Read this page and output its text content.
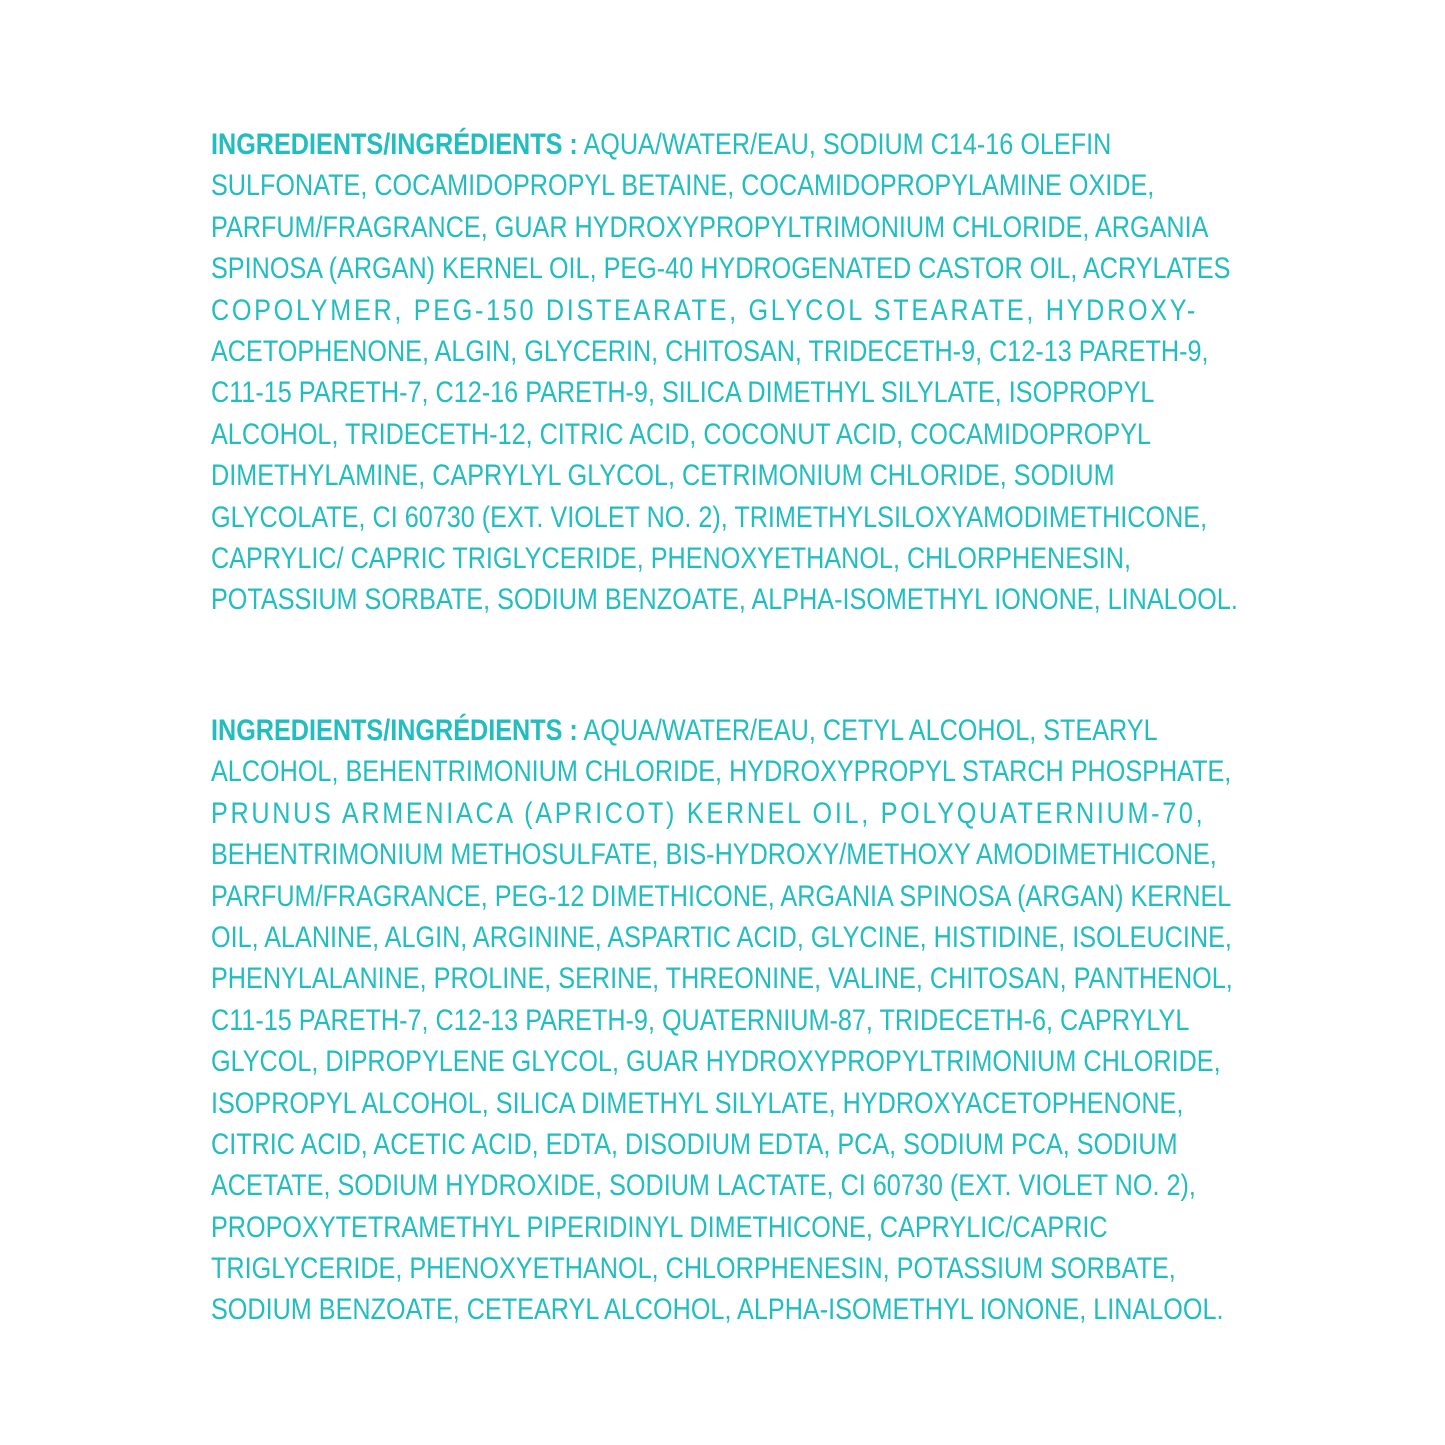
INGREDIENTS/INGRÉDIENTS : AQUA/WATER/EAU, SODIUM C14-16 OLEFIN
SULFONATE, COCAMIDOPROPYL BETAINE, COCAMIDOPROPYLAMINE OXIDE,
PARFUM/FRAGRANCE, GUAR HYDROXYPROPYLTRIMONIUM CHLORIDE, ARGANIA
SPINOSA (ARGAN) KERNEL OIL, PEG-40 HYDROGENATED CASTOR OIL, ACRYLATES
COPOLYMER, PEG-150 DISTEARATE, GLYCOL STEARATE, HYDROXY-
ACETOPHENONE, ALGIN, GLYCERIN, CHITOSAN, TRIDECETH-9, C12-13 PARETH-9,
C11-15 PARETH-7, C12-16 PARETH-9, SILICA DIMETHYL SILYLATE, ISOPROPYL
ALCOHOL, TRIDECETH-12, CITRIC ACID, COCONUT ACID, COCAMIDOPROPYL
DIMETHYLAMINE, CAPRYLYL GLYCOL, CETRIMONIUM CHLORIDE, SODIUM
GLYCOLATE, CI 60730 (EXT. VIOLET NO. 2), TRIMETHYLSILOXYAMODIMETHICONE,
CAPRYLIC/ CAPRIC TRIGLYCERIDE, PHENOXYETHANOL, CHLORPHENESIN,
POTASSIUM SORBATE, SODIUM BENZOATE, ALPHA-ISOMETHYL IONONE, LINALOOL.
INGREDIENTS/INGRÉDIENTS : AQUA/WATER/EAU, CETYL ALCOHOL, STEARYL
ALCOHOL, BEHENTRIMONIUM CHLORIDE, HYDROXYPROPYL STARCH PHOSPHATE,
PRUNUS ARMENIACA (APRICOT) KERNEL OIL, POLYQUATERNIUM-70,
BEHENTRIMONIUM METHOSULFATE, BIS-HYDROXY/METHOXY AMODIMETHICONE,
PARFUM/FRAGRANCE, PEG-12 DIMETHICONE, ARGANIA SPINOSA (ARGAN) KERNEL
OIL, ALANINE, ALGIN, ARGININE, ASPARTIC ACID, GLYCINE, HISTIDINE, ISOLEUCINE,
PHENYLALANINE, PROLINE, SERINE, THREONINE, VALINE, CHITOSAN, PANTHENOL,
C11-15 PARETH-7, C12-13 PARETH-9, QUATERNIUM-87, TRIDECETH-6, CAPRYLYL
GLYCOL, DIPROPYLENE GLYCOL, GUAR HYDROXYPROPYLTRIMONIUM CHLORIDE,
ISOPROPYL ALCOHOL, SILICA DIMETHYL SILYLATE, HYDROXYACETOPHENONE,
CITRIC ACID, ACETIC ACID, EDTA, DISODIUM EDTA, PCA, SODIUM PCA, SODIUM
ACETATE, SODIUM HYDROXIDE, SODIUM LACTATE, CI 60730 (EXT. VIOLET NO. 2),
PROPOXYTETRAMETHYL PIPERIDINYL DIMETHICONE, CAPRYLIC/CAPRIC
TRIGLYCERIDE, PHENOXYETHANOL, CHLORPHENESIN, POTASSIUM SORBATE,
SODIUM BENZOATE, CETEARYL ALCOHOL, ALPHA-ISOMETHYL IONONE, LINALOOL.
